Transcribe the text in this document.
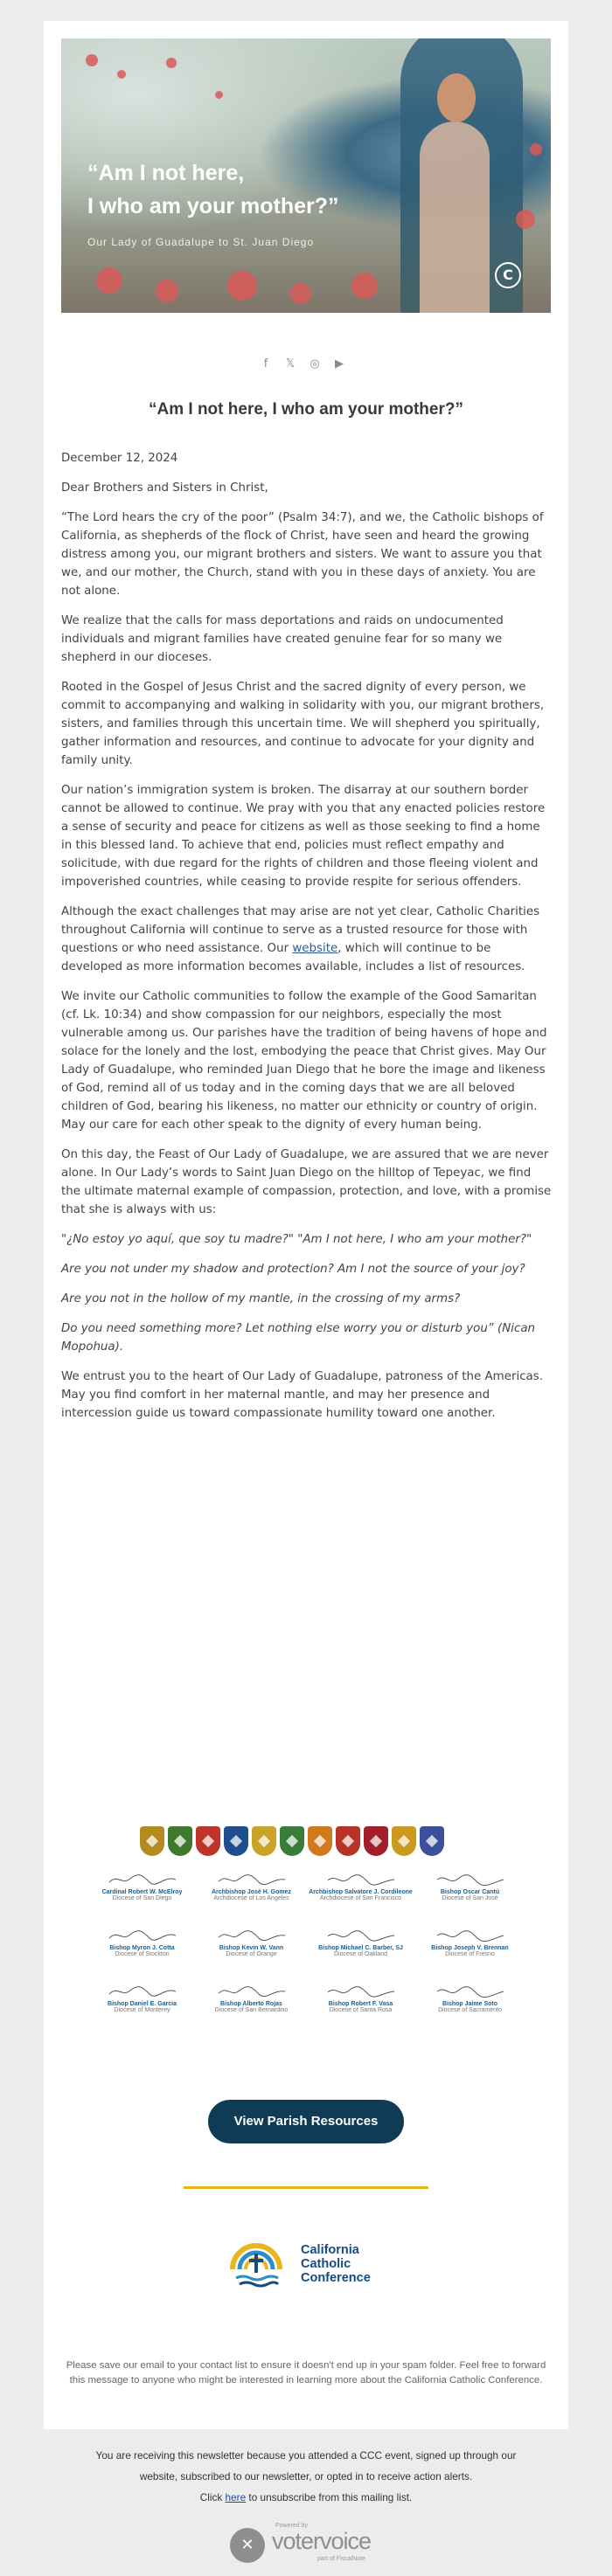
“Am I not here,
I who am your mother?”
Our Lady of Guadalupe to St. Juan Diego
C
f	𝕏 ◎ ▶
“Am I not here, I who am your mother?”

December 12, 2024

Dear Brothers and Sisters in Christ,

“The Lord hears the cry of the poor” (Psalm 34:7), and we, the Catholic bishops of California, as shepherds of the flock of Christ, have seen and heard the growing distress among you, our migrant brothers and sisters. We want to assure you that we, and our mother, the Church, stand with you in these days of anxiety. You are not alone.

We realize that the calls for mass deportations and raids on undocumented individuals and migrant families have created genuine fear for so many we shepherd in our dioceses.

Rooted in the Gospel of Jesus Christ and the sacred dignity of every person, we commit to accompanying and walking in solidarity with you, our migrant brothers, sisters, and families through this uncertain time. We will shepherd you spiritually, gather information and resources, and continue to advocate for your dignity and family unity.

Our nation’s immigration system is broken. The disarray at our southern border cannot be allowed to continue. We pray with you that any enacted policies restore a sense of security and peace for citizens as well as those seeking to find a home in this blessed land. To achieve that end, policies must reflect empathy and solicitude, with due regard for the rights of children and those fleeing violent and impoverished countries, while ceasing to provide respite for serious offenders.

Although the exact challenges that may arise are not yet clear, Catholic Charities throughout California will continue to serve as a trusted resource for those with questions or who need assistance. Our website, which will continue to be developed as more information becomes available, includes a list of resources.

We invite our Catholic communities to follow the example of the Good Samaritan (cf. Lk. 10:34) and show compassion for our neighbors, especially the most vulnerable among us. Our parishes have the tradition of being havens of hope and solace for the lonely and the lost, embodying the peace that Christ gives. May Our Lady of Guadalupe, who reminded Juan Diego that he bore the image and likeness of God, remind all of us today and in the coming days that we are all beloved children of God, bearing his likeness, no matter our ethnicity or country of origin. May our care for each other speak to the dignity of every human being.

On this day, the Feast of Our Lady of Guadalupe, we are assured that we are never alone. In Our Lady’s words to Saint Juan Diego on the hilltop of Tepeyac, we find the ultimate maternal example of compassion, protection, and love, with a promise that she is always with us:

"¿No estoy yo aquí, que soy tu madre?" "Am I not here, I who am your mother?"

Are you not under my shadow and protection? Am I not the source of your joy?

Are you not in the hollow of my mantle, in the crossing of my arms?

Do you need something more? Let nothing else worry you or disturb you” (Nican Mopohua).

We entrust you to the heart of Our Lady of Guadalupe, patroness of the Americas. May you find comfort in her maternal mantle, and may her presence and intercession guide us toward compassionate humility toward one another.

Cardinal Robert W. McElroy
Diocese of San Diego
Archbishop José H. Gomez
Archdiocese of Los Angeles
Archbishop Salvatore J. Cordileone
Archdiocese of San Francisco
Bishop Oscar Cantú
Diocese of San José
Bishop Myron J. Cotta
Diocese of Stockton
Bishop Kevin W. Vann
Diocese of Orange
Bishop Michael C. Barber, SJ
Diocese of Oakland
Bishop Joseph V. Brennan
Diocese of Fresno
Bishop Daniel E. Garcia
Diocese of Monterey
Bishop Alberto Rojas
Diocese of San Bernardino
Bishop Robert F. Vasa
Diocese of Santa Rosa
Bishop Jaime Soto
Diocese of Sacramento
View Parish Resources
California
Catholic
Conference
Please save our email to your contact list to ensure it doesn't end up in your spam folder. Feel free to forward this message to anyone who might be interested in learning more about the California Catholic Conference.
You are receiving this newsletter because you attended a CCC event, signed up through our
website, subscribed to our newsletter, or opted in to receive action alerts.
Click here to unsubscribe from this mailing list.
✕
Powered by
votervoice
part of FiscalNote
